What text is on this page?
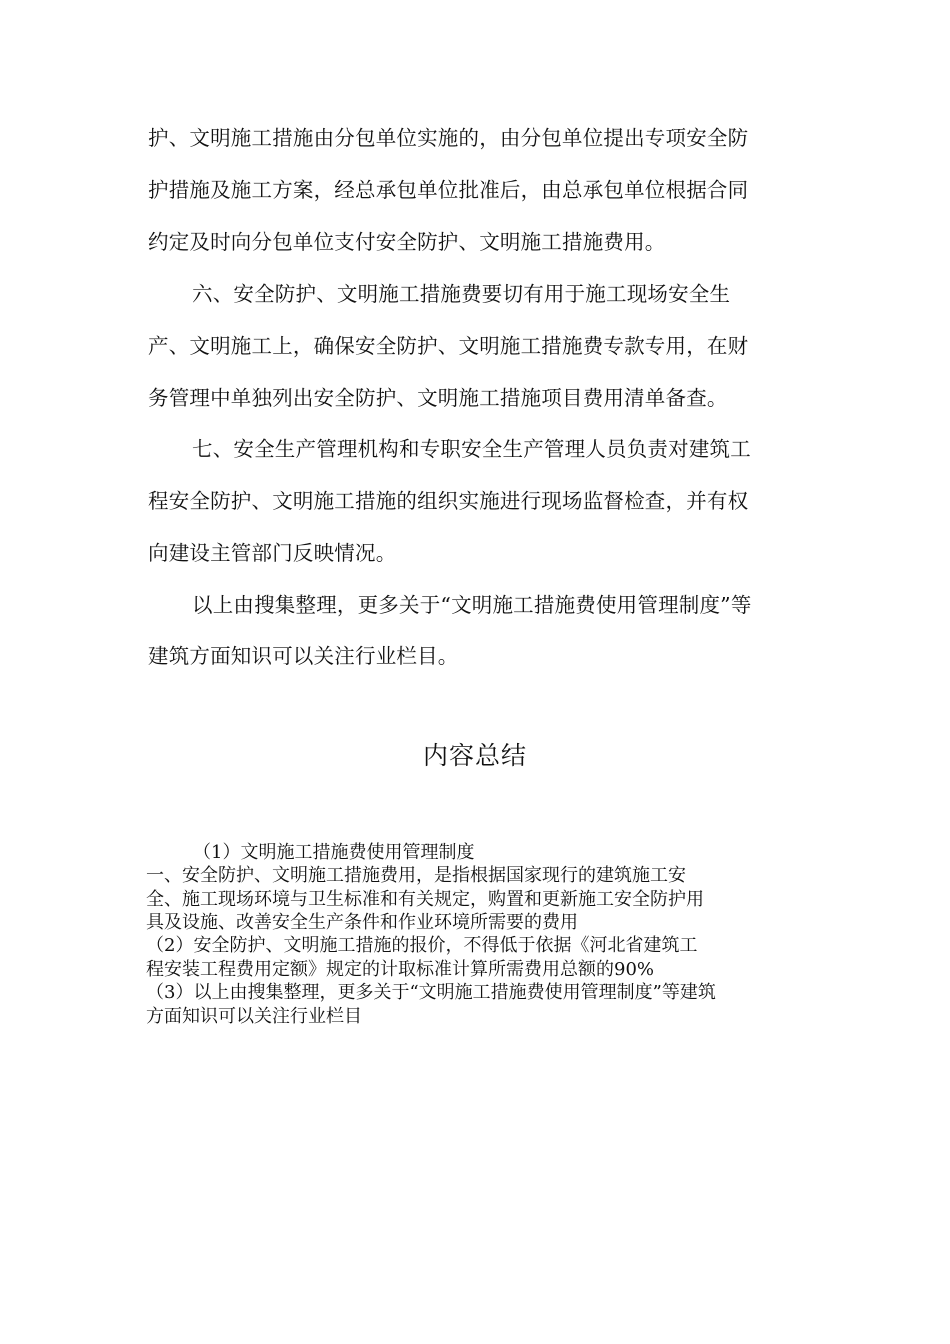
护、文明施工措施由分包单位实施的，由分包单位提出专项安全防
护措施及施工方案，经总承包单位批准后，由总承包单位根据合同
约定及时向分包单位支付安全防护、文明施工措施费用。
六、安全防护、文明施工措施费要切有用于施工现场安全生
产、文明施工上，确保安全防护、文明施工措施费专款专用，在财
务管理中单独列出安全防护、文明施工措施项目费用清单备查。
七、安全生产管理机构和专职安全生产管理人员负责对建筑工
程安全防护、文明施工措施的组织实施进行现场监督检查，并有权
向建设主管部门反映情况。
以上由搜集整理，更多关于“文明施工措施费使用管理制度”等
建筑方面知识可以关注行业栏目。
内容总结
（1）文明施工措施费使用管理制度
一、安全防护、文明施工措施费用，是指根据国家现行的建筑施工安
全、施工现场环境与卫生标准和有关规定，购置和更新施工安全防护用
具及设施、改善安全生产条件和作业环境所需要的费用
（2）安全防护、文明施工措施的报价，不得低于依据《河北省建筑工
程安装工程费用定额》规定的计取标准计算所需费用总额的90%
（3）以上由搜集整理，更多关于“文明施工措施费使用管理制度”等建筑
方面知识可以关注行业栏目
